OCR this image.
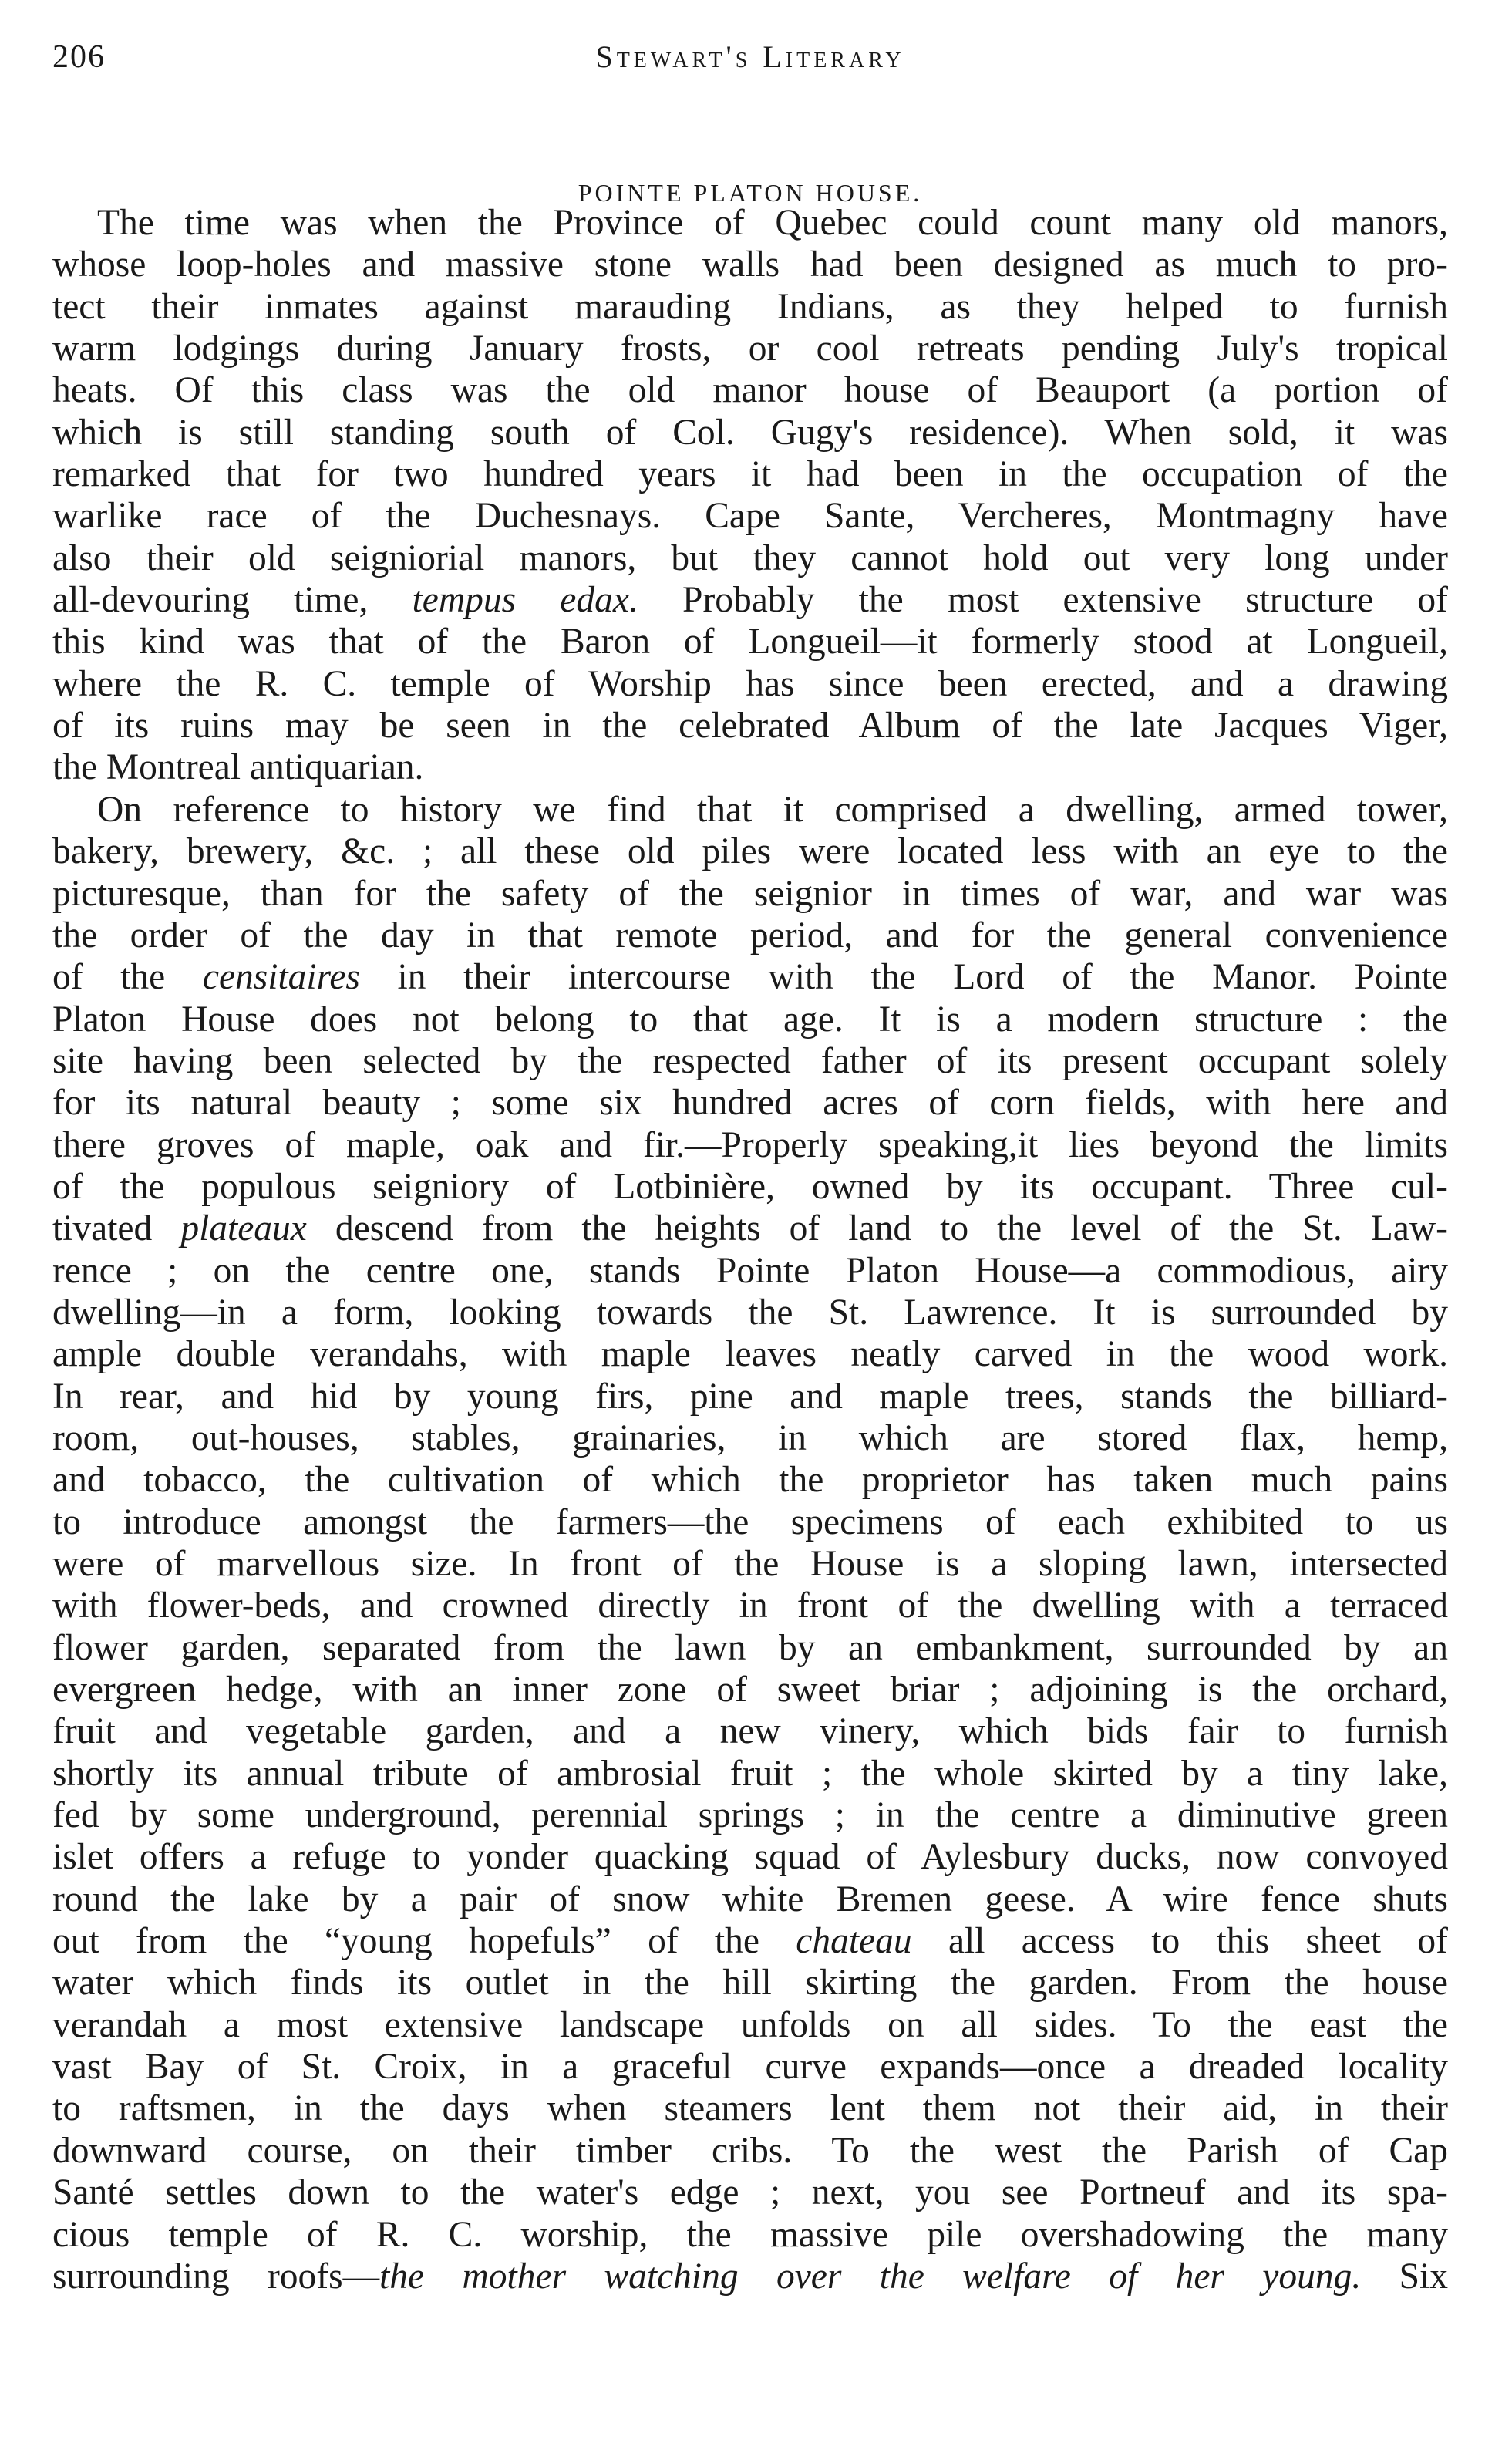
206	Stewart's Literary
POINTE PLATON HOUSE.
The time was when the Province of Quebec could count many old manors,
whose loop-holes and massive stone walls had been designed as much to pro-
tect their inmates against marauding Indians, as they helped to furnish
warm lodgings during January frosts, or cool retreats pending July's tropical
heats. Of this class was the old manor house of Beauport (a portion of
which is still standing south of Col. Gugy's residence). When sold, it was
remarked that for two hundred years it had been in the occupation of the
warlike race of the Duchesnays. Cape Sante, Vercheres, Montmagny have
also their old seigniorial manors, but they cannot hold out very long under
all-devouring time, tempus edax. Probably the most extensive structure of
this kind was that of the Baron of Longueil—it formerly stood at Longueil,
where the R. C. temple of Worship has since been erected, and a drawing
of its ruins may be seen in the celebrated Album of the late Jacques Viger,
the Montreal antiquarian.
On reference to history we find that it comprised a dwelling, armed tower,
bakery, brewery, &c. ; all these old piles were located less with an eye to the
picturesque, than for the safety of the seignior in times of war, and war was
the order of the day in that remote period, and for the general convenience
of the censitaires in their intercourse with the Lord of the Manor. Pointe
Platon House does not belong to that age. It is a modern structure : the
site having been selected by the respected father of its present occupant solely
for its natural beauty ; some six hundred acres of corn fields, with here and
there groves of maple, oak and fir.—Properly speaking,it lies beyond the limits
of the populous seigniory of Lotbinière, owned by its occupant. Three cul-
tivated plateaux descend from the heights of land to the level of the St. Law-
rence ; on the centre one, stands Pointe Platon House—a commodious, airy
dwelling—in a form, looking towards the St. Lawrence. It is surrounded by
ample double verandahs, with maple leaves neatly carved in the wood work.
In rear, and hid by young firs, pine and maple trees, stands the billiard-
room, out-houses, stables, grainaries, in which are stored flax, hemp,
and tobacco, the cultivation of which the proprietor has taken much pains
to introduce amongst the farmers—the specimens of each exhibited to us
were of marvellous size. In front of the House is a sloping lawn, intersected
with flower-beds, and crowned directly in front of the dwelling with a terraced
flower garden, separated from the lawn by an embankment, surrounded by an
evergreen hedge, with an inner zone of sweet briar ; adjoining is the orchard,
fruit and vegetable garden, and a new vinery, which bids fair to furnish
shortly its annual tribute of ambrosial fruit ; the whole skirted by a tiny lake,
fed by some underground, perennial springs ; in the centre a diminutive green
islet offers a refuge to yonder quacking squad of Aylesbury ducks, now convoyed
round the lake by a pair of snow white Bremen geese. A wire fence shuts
out from the “young hopefuls” of the chateau all access to this sheet of
water which finds its outlet in the hill skirting the garden. From the house
verandah a most extensive landscape unfolds on all sides. To the east the
vast Bay of St. Croix, in a graceful curve expands—once a dreaded locality
to raftsmen, in the days when steamers lent them not their aid, in their
downward course, on their timber cribs. To the west the Parish of Cap
Santé settles down to the water's edge ; next, you see Portneuf and its spa-
cious temple of R. C. worship, the massive pile overshadowing the many
surrounding roofs—the mother watching over the welfare of her young. Six
